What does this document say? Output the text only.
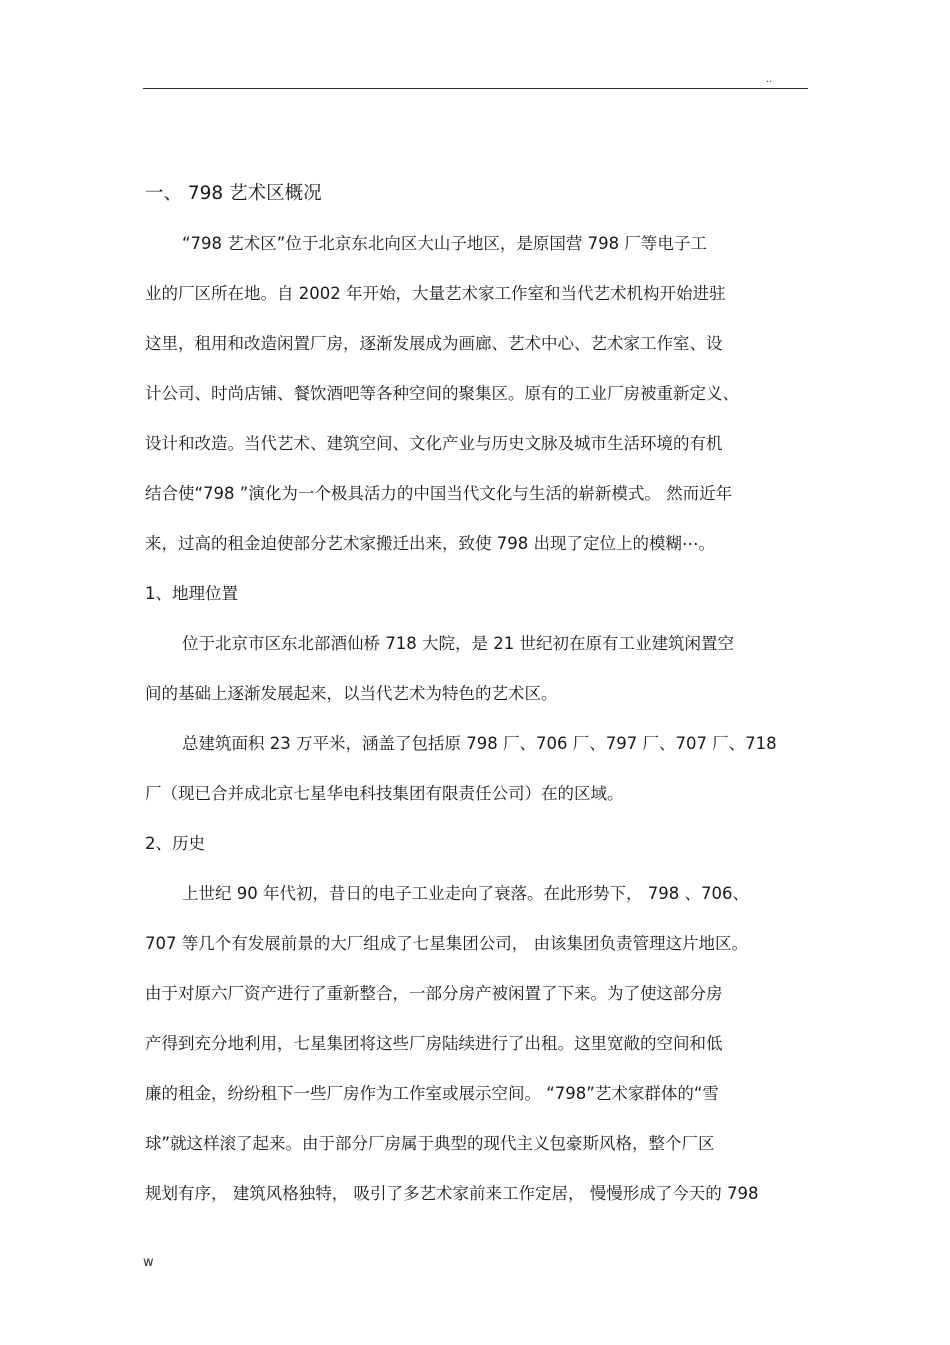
..
一、 798 艺术区概况
“798 艺术区”位于北京东北向区大山子地区，是原国营 798 厂等电子工
业的厂区所在地。自 2002 年开始，大量艺术家工作室和当代艺术机构开始进驻
这里，租用和改造闲置厂房，逐渐发展成为画廊、艺术中心、艺术家工作室、设
计公司、时尚店铺、餐饮酒吧等各种空间的聚集区。原有的工业厂房被重新定义、
设计和改造。当代艺术、建筑空间、文化产业与历史文脉及城市生活环境的有机
结合使“798 ”演化为一个极具活力的中国当代文化与生活的崭新模式。 然而近年
来，过高的租金迫使部分艺术家搬迁出来，致使 798 出现了定位上的模糊⋯。
1、地理位置
位于北京市区东北部酒仙桥 718 大院，是 21 世纪初在原有工业建筑闲置空
间的基础上逐渐发展起来，以当代艺术为特色的艺术区。
总建筑面积 23 万平米，涵盖了包括原 798 厂、706 厂、797 厂、707 厂、718
厂（现已合并成北京七星华电科技集团有限责任公司）在的区域。
2、历史
上世纪 90 年代初，昔日的电子工业走向了衰落。在此形势下， 798 、706、
707 等几个有发展前景的大厂组成了七星集团公司， 由该集团负责管理这片地区。
由于对原六厂资产进行了重新整合，一部分房产被闲置了下来。为了使这部分房
产得到充分地利用，七星集团将这些厂房陆续进行了出租。这里宽敞的空间和低
廉的租金，纷纷租下一些厂房作为工作室或展示空间。 “798”艺术家群体的“雪
球”就这样滚了起来。由于部分厂房属于典型的现代主义包豪斯风格，整个厂区
规划有序， 建筑风格独特， 吸引了多艺术家前来工作定居， 慢慢形成了今天的 798
w
